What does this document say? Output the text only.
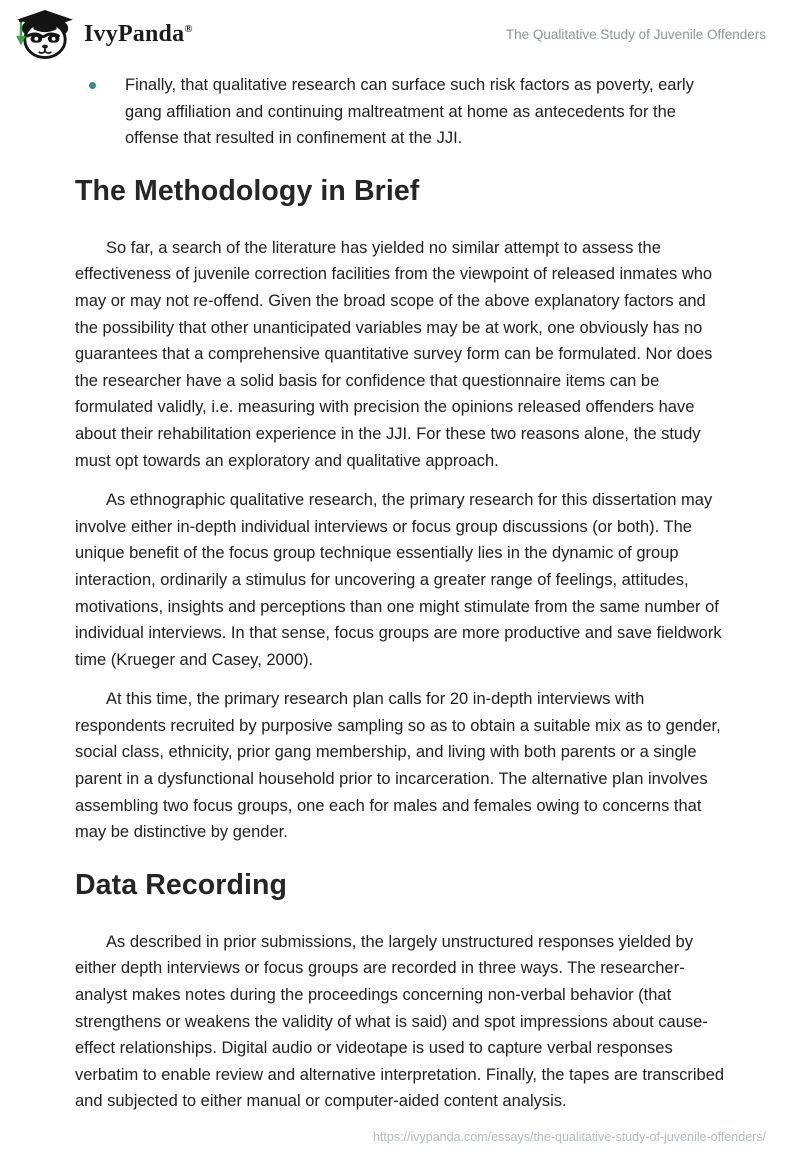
IvyPanda®	The Qualitative Study of Juvenile Offenders
Finally, that qualitative research can surface such risk factors as poverty, early gang affiliation and continuing maltreatment at home as antecedents for the offense that resulted in confinement at the JJI.
The Methodology in Brief

So far, a search of the literature has yielded no similar attempt to assess the effectiveness of juvenile correction facilities from the viewpoint of released inmates who may or may not re-offend. Given the broad scope of the above explanatory factors and the possibility that other unanticipated variables may be at work, one obviously has no guarantees that a comprehensive quantitative survey form can be formulated. Nor does the researcher have a solid basis for confidence that questionnaire items can be formulated validly, i.e. measuring with precision the opinions released offenders have about their rehabilitation experience in the JJI. For these two reasons alone, the study must opt towards an exploratory and qualitative approach.

As ethnographic qualitative research, the primary research for this dissertation may involve either in-depth individual interviews or focus group discussions (or both). The unique benefit of the focus group technique essentially lies in the dynamic of group interaction, ordinarily a stimulus for uncovering a greater range of feelings, attitudes, motivations, insights and perceptions than one might stimulate from the same number of individual interviews. In that sense, focus groups are more productive and save fieldwork time (Krueger and Casey, 2000).

At this time, the primary research plan calls for 20 in-depth interviews with respondents recruited by purposive sampling so as to obtain a suitable mix as to gender, social class, ethnicity, prior gang membership, and living with both parents or a single parent in a dysfunctional household prior to incarceration. The alternative plan involves assembling two focus groups, one each for males and females owing to concerns that may be distinctive by gender.

Data Recording

As described in prior submissions, the largely unstructured responses yielded by either depth interviews or focus groups are recorded in three ways. The researcher-analyst makes notes during the proceedings concerning non-verbal behavior (that strengthens or weakens the validity of what is said) and spot impressions about cause-effect relationships. Digital audio or videotape is used to capture verbal responses verbatim to enable review and alternative interpretation. Finally, the tapes are transcribed and subjected to either manual or computer-aided content analysis.

https://ivypanda.com/essays/the-qualitative-study-of-juvenile-offenders/
